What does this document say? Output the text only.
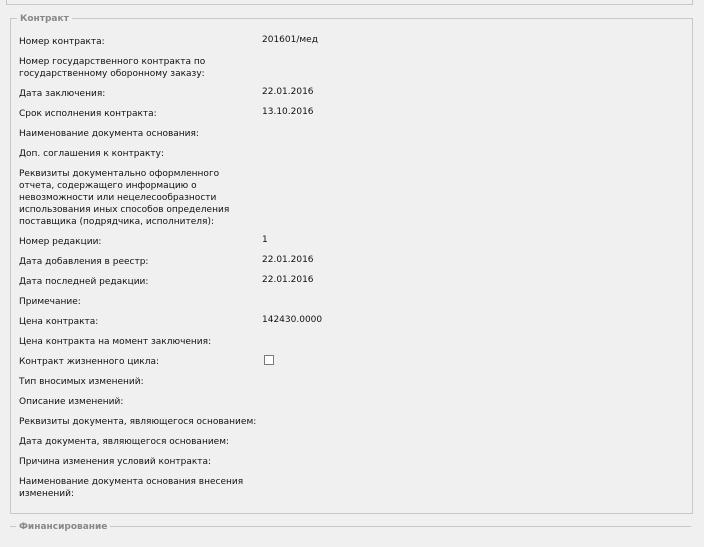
Контракт
Номер контракта:	201601/мед
Номер государственного контракта по государственному оборонному заказу:
Дата заключения:	22.01.2016
Срок исполнения контракта:	13.10.2016
Наименование документа основания:
Доп. соглашения к контракту:
Реквизиты документально оформленного отчета, содержащего информацию о невозможности или нецелесообразности использования иных способов определения поставщика (подрядчика, исполнителя):
Номер редакции:	1
Дата добавления в реестр:	22.01.2016
Дата последней редакции:	22.01.2016
Примечание:
Цена контракта:	142430.0000
Цена контракта на момент заключения:
Контракт жизненного цикла:
Тип вносимых изменений:
Описание изменений:
Реквизиты документа, являющегося основанием:
Дата документа, являющегося основанием:
Причина изменения условий контракта:
Наименование документа основания внесения изменений:
Финансирование
